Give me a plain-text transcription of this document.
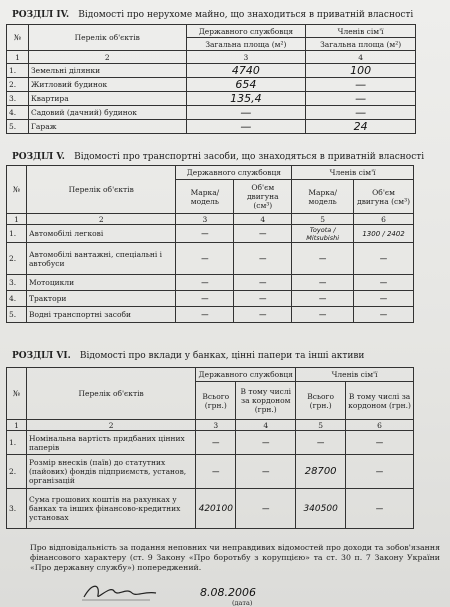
РОЗДІЛ IV. Відомості про нерухоме майно, що знаходиться в приватній власності
№	Перелік об'єктів	Державного службовця	Членів сім'ї
		Загальна площа (м²)	Загальна площа (м²)
1	2	3	4
1.	Земельні ділянки	4740	100
2.	Житловий будинок	654	—
3.	Квартира	135,4	—
4.	Садовий (дачний) будинок	—	—
5.	Гараж	—	24
РОЗДІЛ V. Відомості про транспортні засоби, що знаходяться в приватній власності
№	Перелік об'єктів	Державного службовця		Членів сім'ї	
		Марка/ модель	Об'єм двигуна (см³)	Марка/ модель	Об'єм двигуна (см³)
1	2	3	4	5	6
1.	Автомобілі легкові	—	—	Toyota / Mitsubishi	1300 / 2402
2.	Автомобілі вантажні, спеціальні і автобуси	—	—	—	—
3.	Мотоцикли	—	—	—	—
4.	Трактори	—	—	—	—
5.	Водні транспортні засоби	—	—	—	—
РОЗДІЛ VI. Відомості про вклади у банках, цінні папери та інші активи
№	Перелік об'єктів	Державного службовця		Членів сім'ї	
		Всього (грн.)	В тому числі за кордоном (грн.)	Всього (грн.)	В тому числі за кордоном (грн.)
1	2	3	4	5	6
1.	Номінальна вартість придбаних цінних паперів	—	—	—	—
2.	Розмір внесків (паїв) до статутних (пайових) фондів підприємств, установ, організацій	—	—	28700	—
3.	Сума грошових коштів на рахунках у банках та інших фінансово-кредитних установах	420100	—	340500	—
Про відповідальність за подання неповних чи неправдивих відомостей про доходи та зобов'язання фінансового характеру (ст. 9 Закону «Про боротьбу з корупцією» та ст. 30 п. 7 Закону України «Про державну службу») попереджений.
8.08.2006
(дата)
